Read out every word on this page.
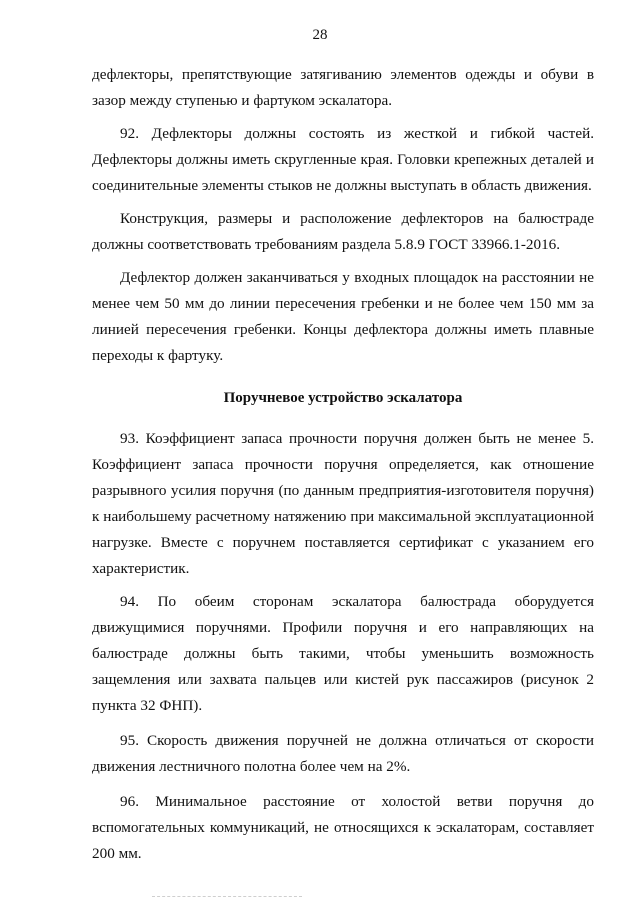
28

дефлекторы, препятствующие затягиванию элементов одежды и обуви в зазор между ступенью и фартуком эскалатора.

92. Дефлекторы должны состоять из жесткой и гибкой частей. Дефлекторы должны иметь скругленные края. Головки крепежных деталей и соединительные элементы стыков не должны выступать в область движения.

Конструкция, размеры и расположение дефлекторов на балюстраде должны соответствовать требованиям раздела 5.8.9 ГОСТ 33966.1-2016.

Дефлектор должен заканчиваться у входных площадок на расстоянии не менее чем 50 мм до линии пересечения гребенки и не более чем 150 мм за линией пересечения гребенки. Концы дефлектора должны иметь плавные переходы к фартуку.

Поручневое устройство эскалатора

93. Коэффициент запаса прочности поручня должен быть не менее 5. Коэффициент запаса прочности поручня определяется, как отношение разрывного усилия поручня (по данным предприятия-изготовителя поручня) к наибольшему расчетному натяжению при максимальной эксплуатационной нагрузке. Вместе с поручнем поставляется сертификат с указанием его характеристик.

94. По обеим сторонам эскалатора балюстрада оборудуется движущимися поручнями. Профили поручня и его направляющих на балюстраде должны быть такими, чтобы уменьшить возможность защемления или захвата пальцев или кистей рук пассажиров (рисунок 2 пункта 32 ФНП).

95. Скорость движения поручней не должна отличаться от скорости движения лестничного полотна более чем на 2%.

96. Минимальное расстояние от холостой ветви поручня до вспомогательных коммуникаций, не относящихся к эскалаторам, составляет 200 мм.
